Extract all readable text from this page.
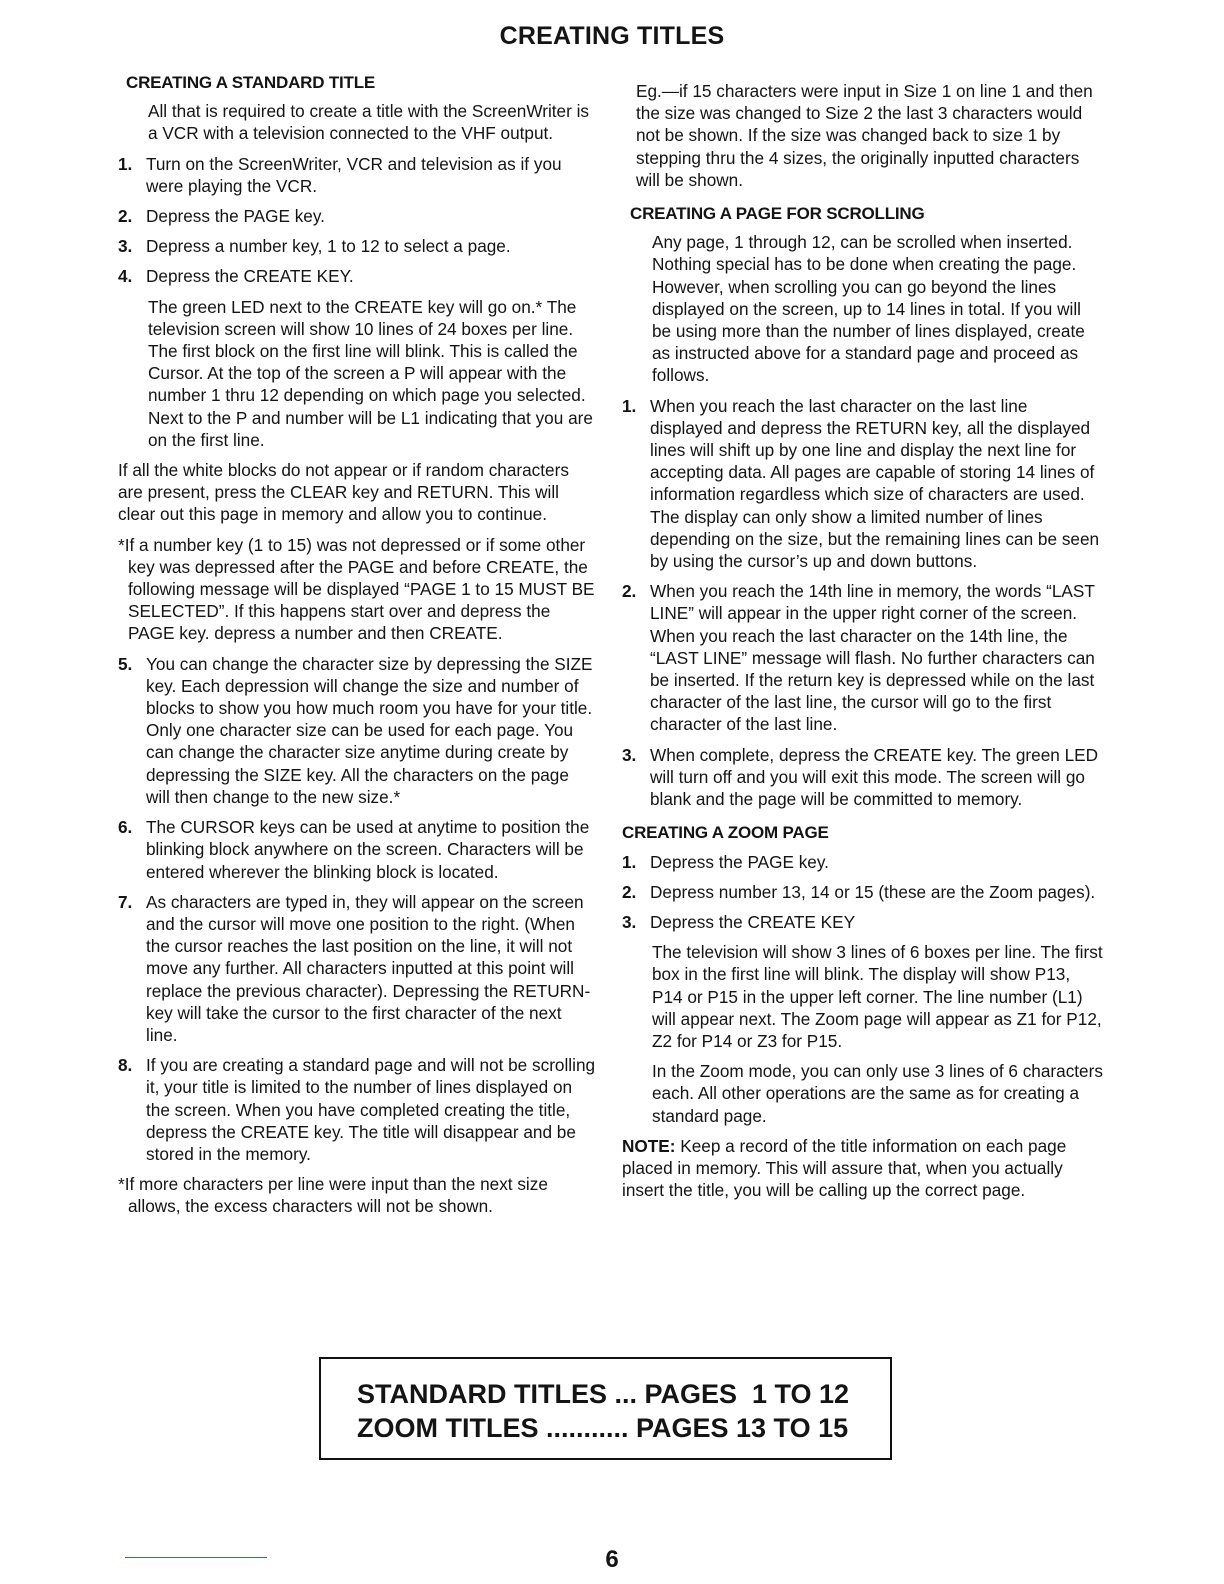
CREATING TITLES
CREATING A STANDARD TITLE

All that is required to create a title with the ScreenWriter is a VCR with a television connected to the VHF output.

1. Turn on the ScreenWriter, VCR and television as if you were playing the VCR.
2. Depress the PAGE key.
3. Depress a number key, 1 to 12 to select a page.
4. Depress the CREATE KEY.

The green LED next to the CREATE key will go on.* The television screen will show 10 lines of 24 boxes per line. The first block on the first line will blink. This is called the Cursor. At the top of the screen a P will appear with the number 1 thru 12 depending on which page you selected. Next to the P and number will be L1 indicating that you are on the first line.

If all the white blocks do not appear or if random characters are present, press the CLEAR key and RETURN. This will clear out this page in memory and allow you to continue.

*If a number key (1 to 15) was not depressed or if some other key was depressed after the PAGE and before CREATE, the following message will be displayed “PAGE 1 to 15 MUST BE SELECTED”. If this happens start over and depress the PAGE key. depress a number and then CREATE.

5. You can change the character size by depressing the SIZE key. Each depression will change the size and number of blocks to show you how much room you have for your title. Only one character size can be used for each page. You can change the character size anytime during create by depressing the SIZE key. All the characters on the page will then change to the new size.*
6. The CURSOR keys can be used at anytime to position the blinking block anywhere on the screen. Characters will be entered wherever the blinking block is located.
7. As characters are typed in, they will appear on the screen and the cursor will move one position to the right. (When the cursor reaches the last position on the line, it will not move any further. All characters inputted at this point will replace the previous character). Depressing the RETURN-key will take the cursor to the first character of the next line.
8. If you are creating a standard page and will not be scrolling it, your title is limited to the number of lines displayed on the screen. When you have completed creating the title, depress the CREATE key. The title will disappear and be stored in the memory.

*If more characters per line were input than the next size allows, the excess characters will not be shown.

Eg.—if 15 characters were input in Size 1 on line 1 and then the size was changed to Size 2 the last 3 characters would not be shown. If the size was changed back to size 1 by stepping thru the 4 sizes, the originally inputted characters will be shown.

CREATING A PAGE FOR SCROLLING

Any page, 1 through 12, can be scrolled when inserted. Nothing special has to be done when creating the page. However, when scrolling you can go beyond the lines displayed on the screen, up to 14 lines in total. If you will be using more than the number of lines displayed, create as instructed above for a standard page and proceed as follows.

1. When you reach the last character on the last line displayed and depress the RETURN key, all the displayed lines will shift up by one line and display the next line for accepting data. All pages are capable of storing 14 lines of information regardless which size of characters are used. The display can only show a limited number of lines depending on the size, but the remaining lines can be seen by using the cursor’s up and down buttons.
2. When you reach the 14th line in memory, the words “LAST LINE” will appear in the upper right corner of the screen. When you reach the last character on the 14th line, the “LAST LINE” message will flash. No further characters can be inserted. If the return key is depressed while on the last character of the last line, the cursor will go to the first character of the last line.
3. When complete, depress the CREATE key. The green LED will turn off and you will exit this mode. The screen will go blank and the page will be committed to memory.
CREATING A ZOOM PAGE
1. Depress the PAGE key.
2. Depress number 13, 14 or 15 (these are the Zoom pages).
3. Depress the CREATE KEY

The television will show 3 lines of 6 boxes per line. The first box in the first line will blink. The display will show P13, P14 or P15 in the upper left corner. The line number (L1) will appear next. The Zoom page will appear as Z1 for P12, Z2 for P14 or Z3 for P15.

In the Zoom mode, you can only use 3 lines of 6 characters each. All other operations are the same as for creating a standard page.

NOTE: Keep a record of the title information on each page placed in memory. This will assure that, when you actually insert the title, you will be calling up the correct page.

STANDARD TITLES ... PAGES  1 TO 12
ZOOM TITLES ........... PAGES 13 TO 15
6
